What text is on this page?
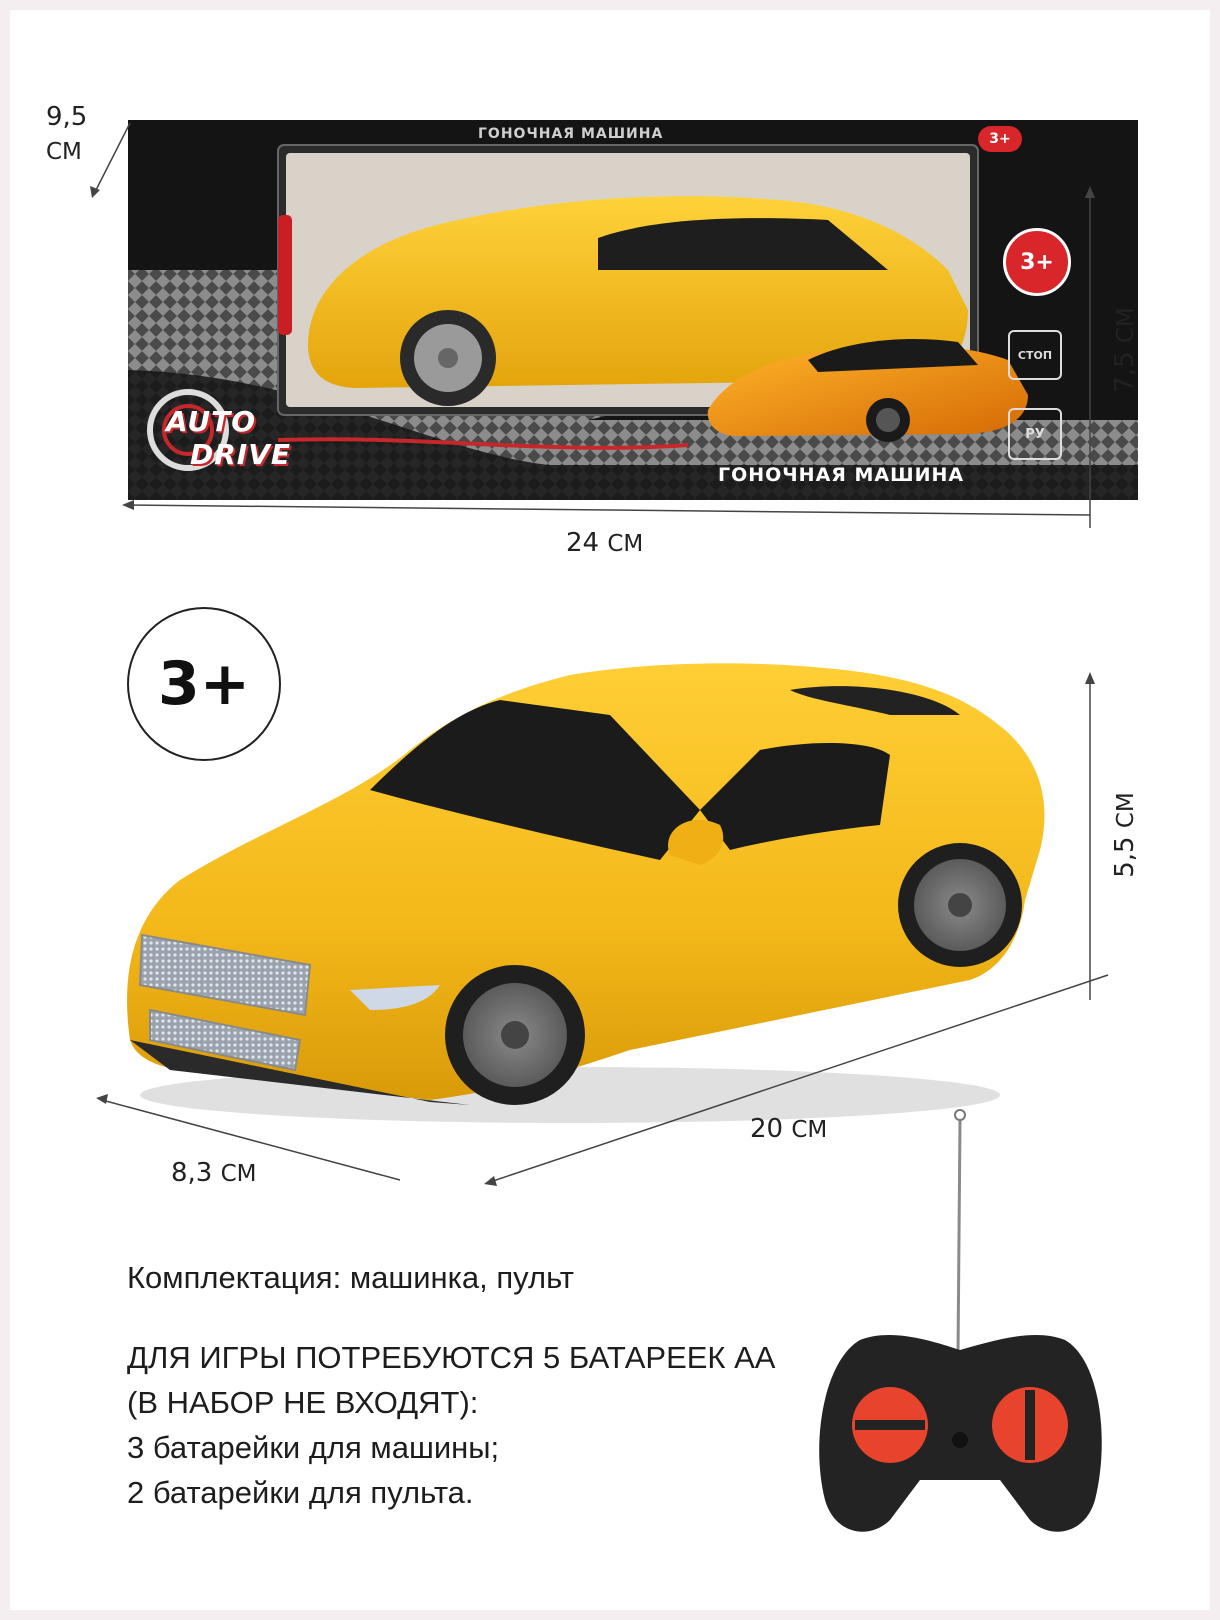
AUTO
DRIVE
ГОНОЧНАЯ МАШИНА
ГОНОЧНАЯ МАШИНА
3+
3+
СТОП
РУ
9,5
СМ
7,5 СМ
24 СМ
3+
5,5 СМ
8,3 СМ
20 СМ
Комплектация: машинка, пульт
ДЛЯ ИГРЫ ПОТРЕБУЮТСЯ 5 БАТАРЕЕК АА
(В НАБОР НЕ ВХОДЯТ):
3 батарейки для машины;
2 батарейки для пульта.
